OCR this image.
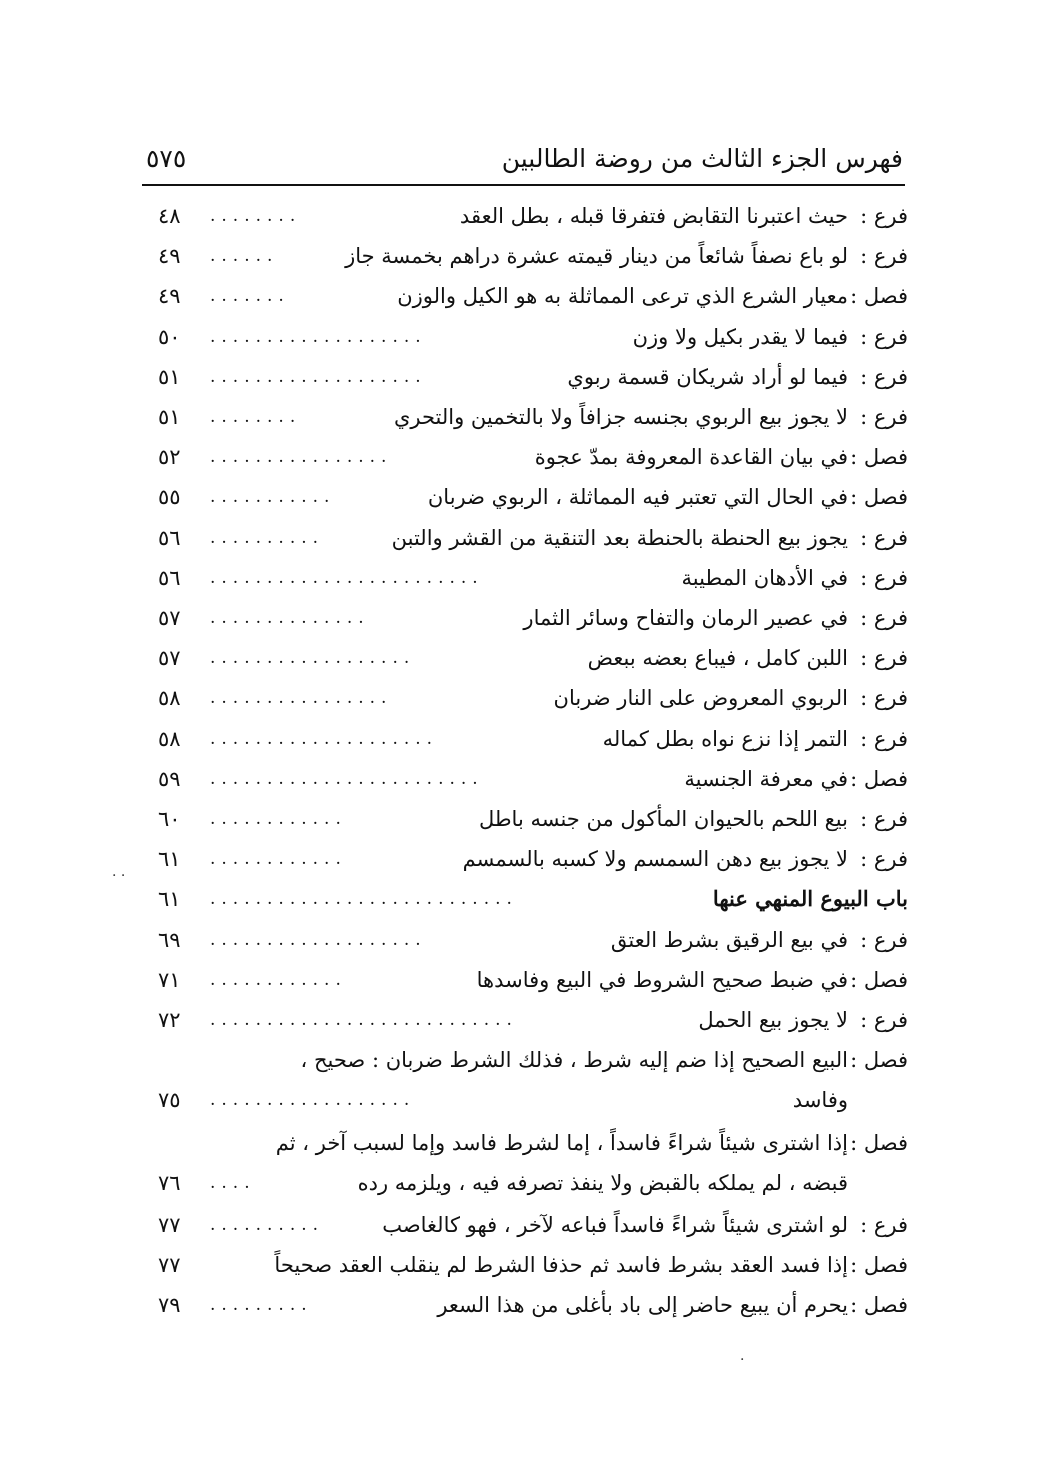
فهرس الجزء الثالث من روضة الطالبين
٥٧٥
فرع :
حيث اعتبرنا التقابض فتفرقا قبله ، بطل العقد
........
٤٨
فرع :
لو باع نصفاً شائعاً من دينار قيمته عشرة دراهم بخمسة جاز
......
٤٩
فصل :
معيار الشرع الذي ترعى المماثلة به هو الكيل والوزن
.......
٤٩
فرع :
فيما لا يقدر بكيل ولا وزن
...................
٥٠
فرع :
فيما لو أراد شريكان قسمة ربوي
...................
٥١
فرع :
لا يجوز بيع الربوي بجنسه جزافاً ولا بالتخمين والتحري
........
٥١
فصل :
في بيان القاعدة المعروفة بمدّ عجوة
................
٥٢
فصل :
في الحال التي تعتبر فيه المماثلة ، الربوي ضربان
...........
٥٥
فرع :
يجوز بيع الحنطة بالحنطة بعد التنقية من القشر والتبن
..........
٥٦
فرع :
في الأدهان المطيبة
........................
٥٦
فرع :
في عصير الرمان والتفاح وسائر الثمار
..............
٥٧
فرع :
اللبن كامل ، فيباع بعضه ببعض
..................
٥٧
فرع :
الربوي المعروض على النار ضربان
................
٥٨
فرع :
التمر إذا نزع نواه بطل كماله
....................
٥٨
فصل :
في معرفة الجنسية
........................
٥٩
فرع :
بيع اللحم بالحيوان المأكول من جنسه باطل
............
٦٠
فرع :
لا يجوز بيع دهن السمسم ولا كسبه بالسمسم
............
٦١
باب البيوع المنهي عنها
...........................
٦١
فرع :
في بيع الرقيق بشرط العتق
...................
٦٩
فصل :
في ضبط صحيح الشروط في البيع وفاسدها
............
٧١
فرع :
لا يجوز بيع الحمل
...........................
٧٢
فصل :
البيع الصحيح إذا ضم إليه شرط ، فذلك الشرط ضربان : صحيح ،
وفاسد
..................
٧٥
فصل :
إذا اشترى شيئاً شراءً فاسداً ، إما لشرط فاسد وإما لسبب آخر ، ثم
قبضه ، لم يملكه بالقبض ولا ينفذ تصرفه فيه ، ويلزمه رده
....
٧٦
فرع :
لو اشترى شيئاً شراءً فاسداً فباعه لآخر ، فهو كالغاصب
..........
٧٧
فصل :
إذا فسد العقد بشرط فاسد ثم حذفا الشرط لم ينقلب العقد صحيحاً
٧٧
فصل :
يحرم أن يبيع حاضر إلى باد بأغلى من هذا السعر
.........
٧٩
· ·
·
